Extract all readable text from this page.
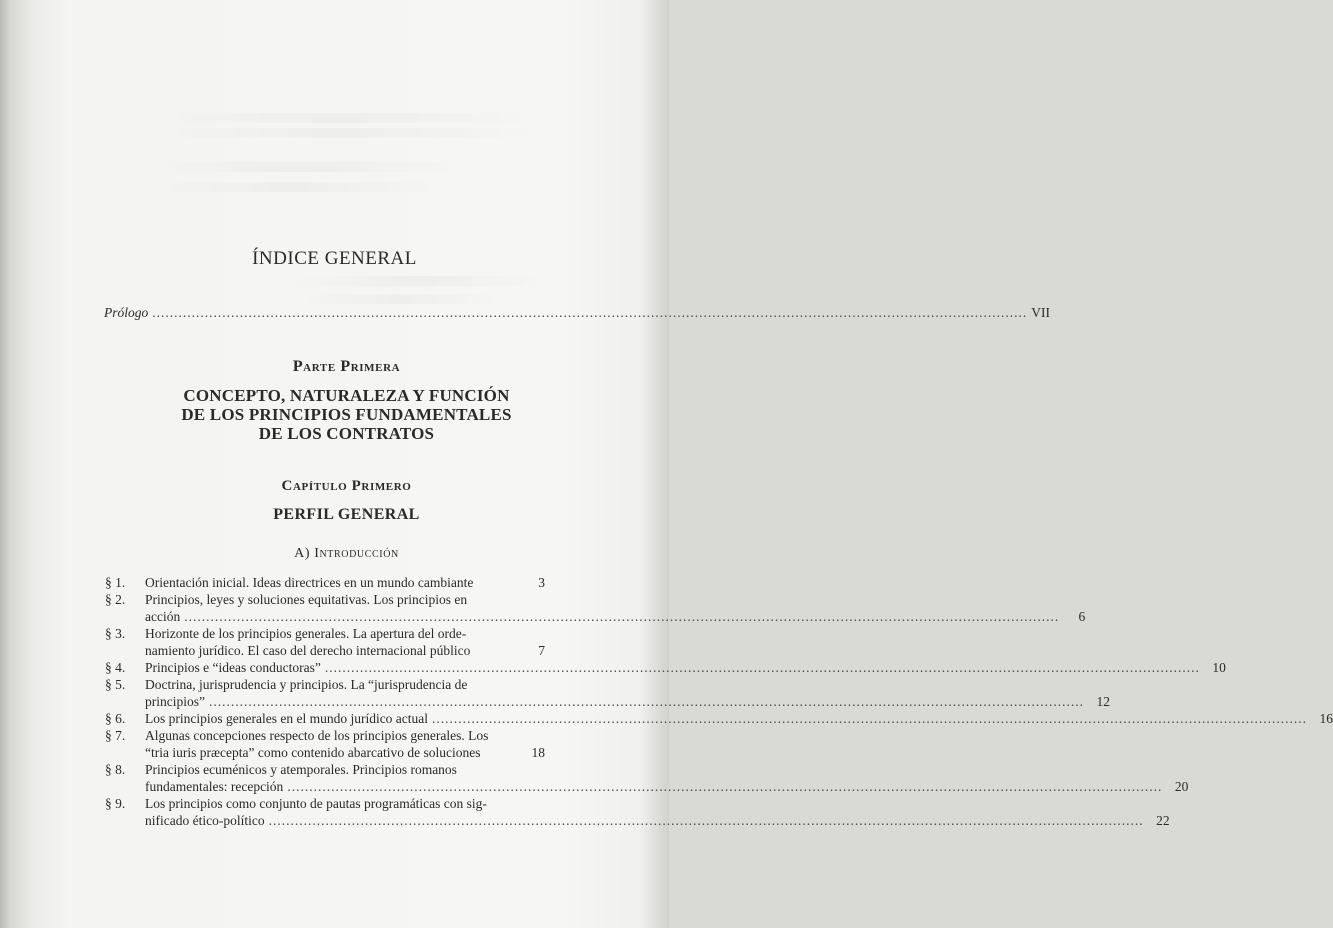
ÍNDICE GENERAL
Prólogo .....	VII
Parte Primera
CONCEPTO, NATURALEZA Y FUNCIÓN
DE LOS PRINCIPIOS FUNDAMENTALES
DE LOS CONTRATOS
Capítulo Primero
PERFIL GENERAL
A) Introducción
§ 1.	Orientación inicial. Ideas directrices en un mundo cambiante	3
§ 2.	Principios, leyes y soluciones equitativas. Los principios en
acción .....	6
§ 3.	Horizonte de los principios generales. La apertura del orde-
namiento jurídico. El caso del derecho internacional público	7
§ 4.	Principios e “ideas conductoras” .....	10
§ 5.	Doctrina, jurisprudencia y principios. La “jurisprudencia de
principios” .....	12
§ 6.	Los principios generales en el mundo jurídico actual .....	16
§ 7.	Algunas concepciones respecto de los principios generales. Los
“tria iuris præcepta” como contenido abarcativo de soluciones	18
§ 8.	Principios ecuménicos y atemporales. Principios romanos
fundamentales: recepción .....	20
§ 9.	Los principios como conjunto de pautas programáticas con sig-
nificado ético-político .....	22
